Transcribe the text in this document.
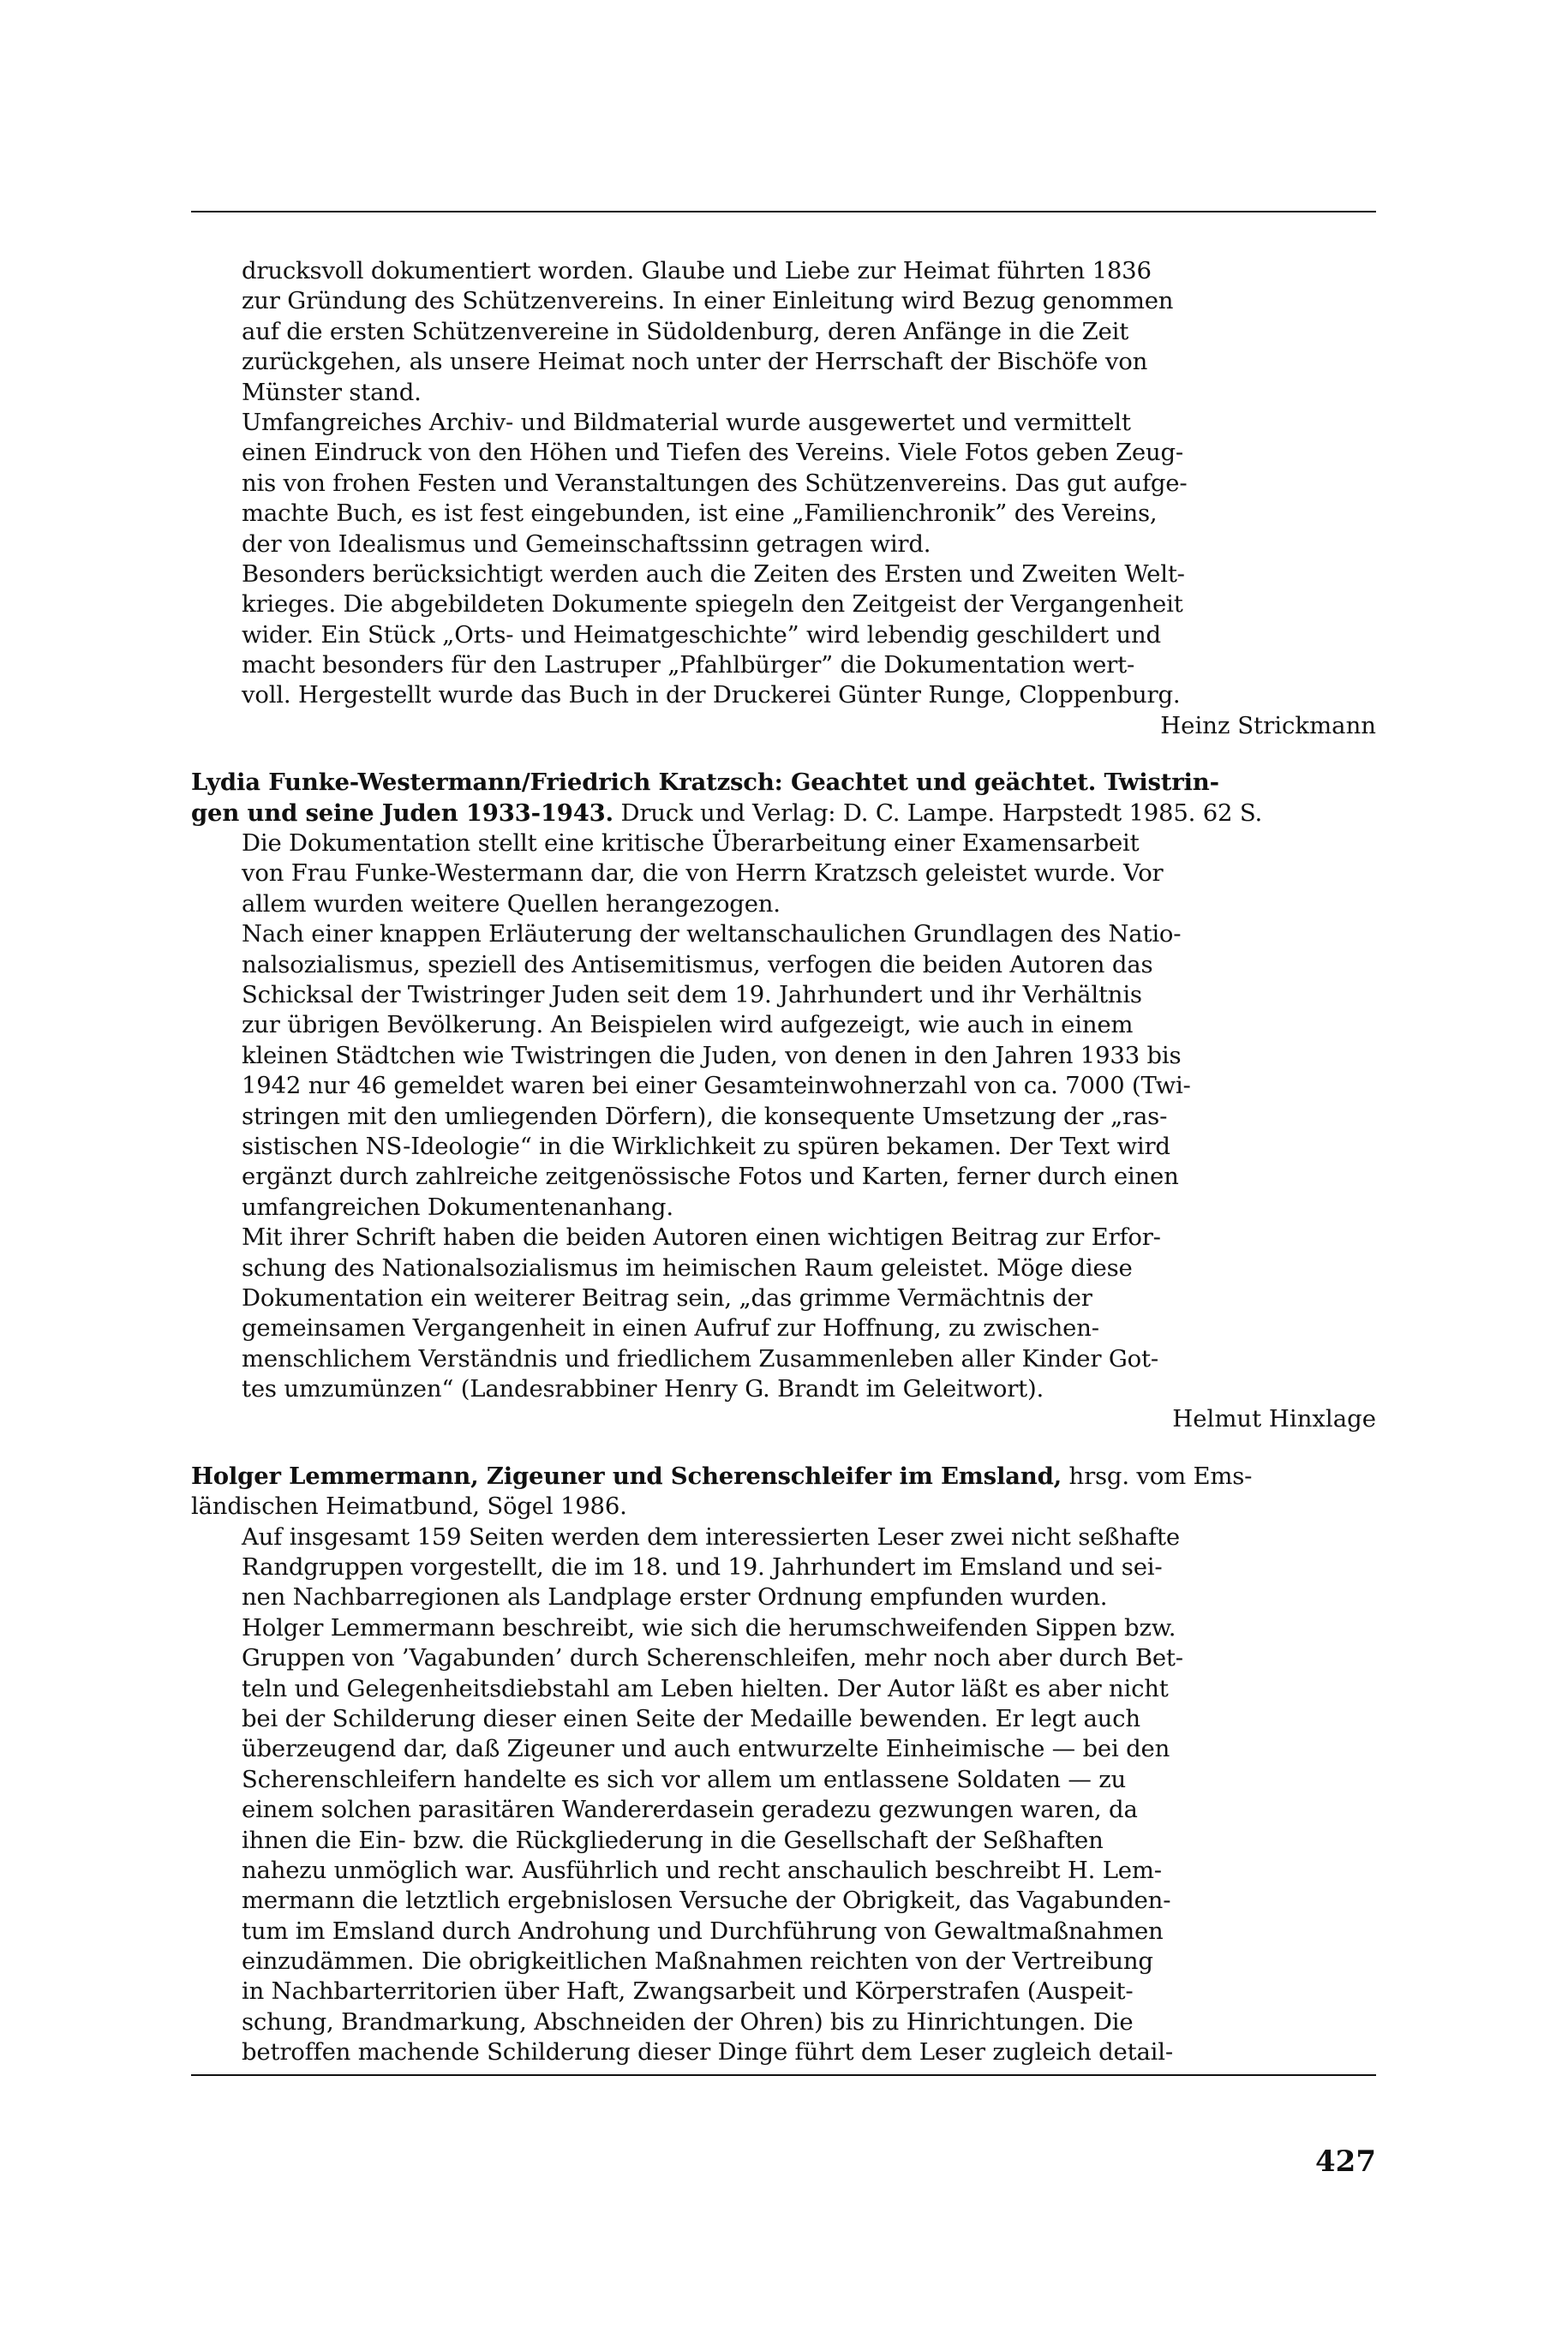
drucksvoll dokumentiert worden. Glaube und Liebe zur Heimat führten 1836
zur Gründung des Schützenvereins. In einer Einleitung wird Bezug genommen
auf die ersten Schützenvereine in Südoldenburg, deren Anfänge in die Zeit
zurückgehen, als unsere Heimat noch unter der Herrschaft der Bischöfe von
Münster stand.
Umfangreiches Archiv- und Bildmaterial wurde ausgewertet und vermittelt
einen Eindruck von den Höhen und Tiefen des Vereins. Viele Fotos geben Zeug-
nis von frohen Festen und Veranstaltungen des Schützenvereins. Das gut aufge-
machte Buch, es ist fest eingebunden, ist eine „Familienchronik” des Vereins,
der von Idealismus und Gemeinschaftssinn getragen wird.
Besonders berücksichtigt werden auch die Zeiten des Ersten und Zweiten Welt-
krieges. Die abgebildeten Dokumente spiegeln den Zeitgeist der Vergangenheit
wider. Ein Stück „Orts- und Heimatgeschichte” wird lebendig geschildert und
macht besonders für den Lastruper „Pfahlbürger” die Dokumentation wert-
voll. Hergestellt wurde das Buch in der Druckerei Günter Runge, Cloppenburg.
Heinz Strickmann
Lydia Funke-Westermann/Friedrich Kratzsch: Geachtet und geächtet. Twistrin-
gen und seine Juden 1933-1943. Druck und Verlag: D. C. Lampe. Harpstedt 1985. 62 S.
Die Dokumentation stellt eine kritische Überarbeitung einer Examensarbeit
von Frau Funke-Westermann dar, die von Herrn Kratzsch geleistet wurde. Vor
allem wurden weitere Quellen herangezogen.
Nach einer knappen Erläuterung der weltanschaulichen Grundlagen des Natio-
nalsozialismus, speziell des Antisemitismus, verfogen die beiden Autoren das
Schicksal der Twistringer Juden seit dem 19. Jahrhundert und ihr Verhältnis
zur übrigen Bevölkerung. An Beispielen wird aufgezeigt, wie auch in einem
kleinen Städtchen wie Twistringen die Juden, von denen in den Jahren 1933 bis
1942 nur 46 gemeldet waren bei einer Gesamteinwohnerzahl von ca. 7000 (Twi-
stringen mit den umliegenden Dörfern), die konsequente Umsetzung der „ras-
sistischen NS-Ideologie“ in die Wirklichkeit zu spüren bekamen. Der Text wird
ergänzt durch zahlreiche zeitgenössische Fotos und Karten, ferner durch einen
umfangreichen Dokumentenanhang.
Mit ihrer Schrift haben die beiden Autoren einen wichtigen Beitrag zur Erfor-
schung des Nationalsozialismus im heimischen Raum geleistet. Möge diese
Dokumentation ein weiterer Beitrag sein, „das grimme Vermächtnis der
gemeinsamen Vergangenheit in einen Aufruf zur Hoffnung, zu zwischen-
menschlichem Verständnis und friedlichem Zusammenleben aller Kinder Got-
tes umzumünzen“ (Landesrabbiner Henry G. Brandt im Geleitwort).
Helmut Hinxlage
Holger Lemmermann, Zigeuner und Scherenschleifer im Emsland, hrsg. vom Ems-
ländischen Heimatbund, Sögel 1986.
Auf insgesamt 159 Seiten werden dem interessierten Leser zwei nicht seßhafte
Randgruppen vorgestellt, die im 18. und 19. Jahrhundert im Emsland und sei-
nen Nachbarregionen als Landplage erster Ordnung empfunden wurden.
Holger Lemmermann beschreibt, wie sich die herumschweifenden Sippen bzw.
Gruppen von ’Vagabunden’ durch Scherenschleifen, mehr noch aber durch Bet-
teln und Gelegenheitsdiebstahl am Leben hielten. Der Autor läßt es aber nicht
bei der Schilderung dieser einen Seite der Medaille bewenden. Er legt auch
überzeugend dar, daß Zigeuner und auch entwurzelte Einheimische — bei den
Scherenschleifern handelte es sich vor allem um entlassene Soldaten — zu
einem solchen parasitären Wandererdasein geradezu gezwungen waren, da
ihnen die Ein- bzw. die Rückgliederung in die Gesellschaft der Seßhaften
nahezu unmöglich war. Ausführlich und recht anschaulich beschreibt H. Lem-
mermann die letztlich ergebnislosen Versuche der Obrigkeit, das Vagabunden-
tum im Emsland durch Androhung und Durchführung von Gewaltmaßnahmen
einzudämmen. Die obrigkeitlichen Maßnahmen reichten von der Vertreibung
in Nachbarterritorien über Haft, Zwangsarbeit und Körperstrafen (Auspeit-
schung, Brandmarkung, Abschneiden der Ohren) bis zu Hinrichtungen. Die
betroffen machende Schilderung dieser Dinge führt dem Leser zugleich detail-
427
